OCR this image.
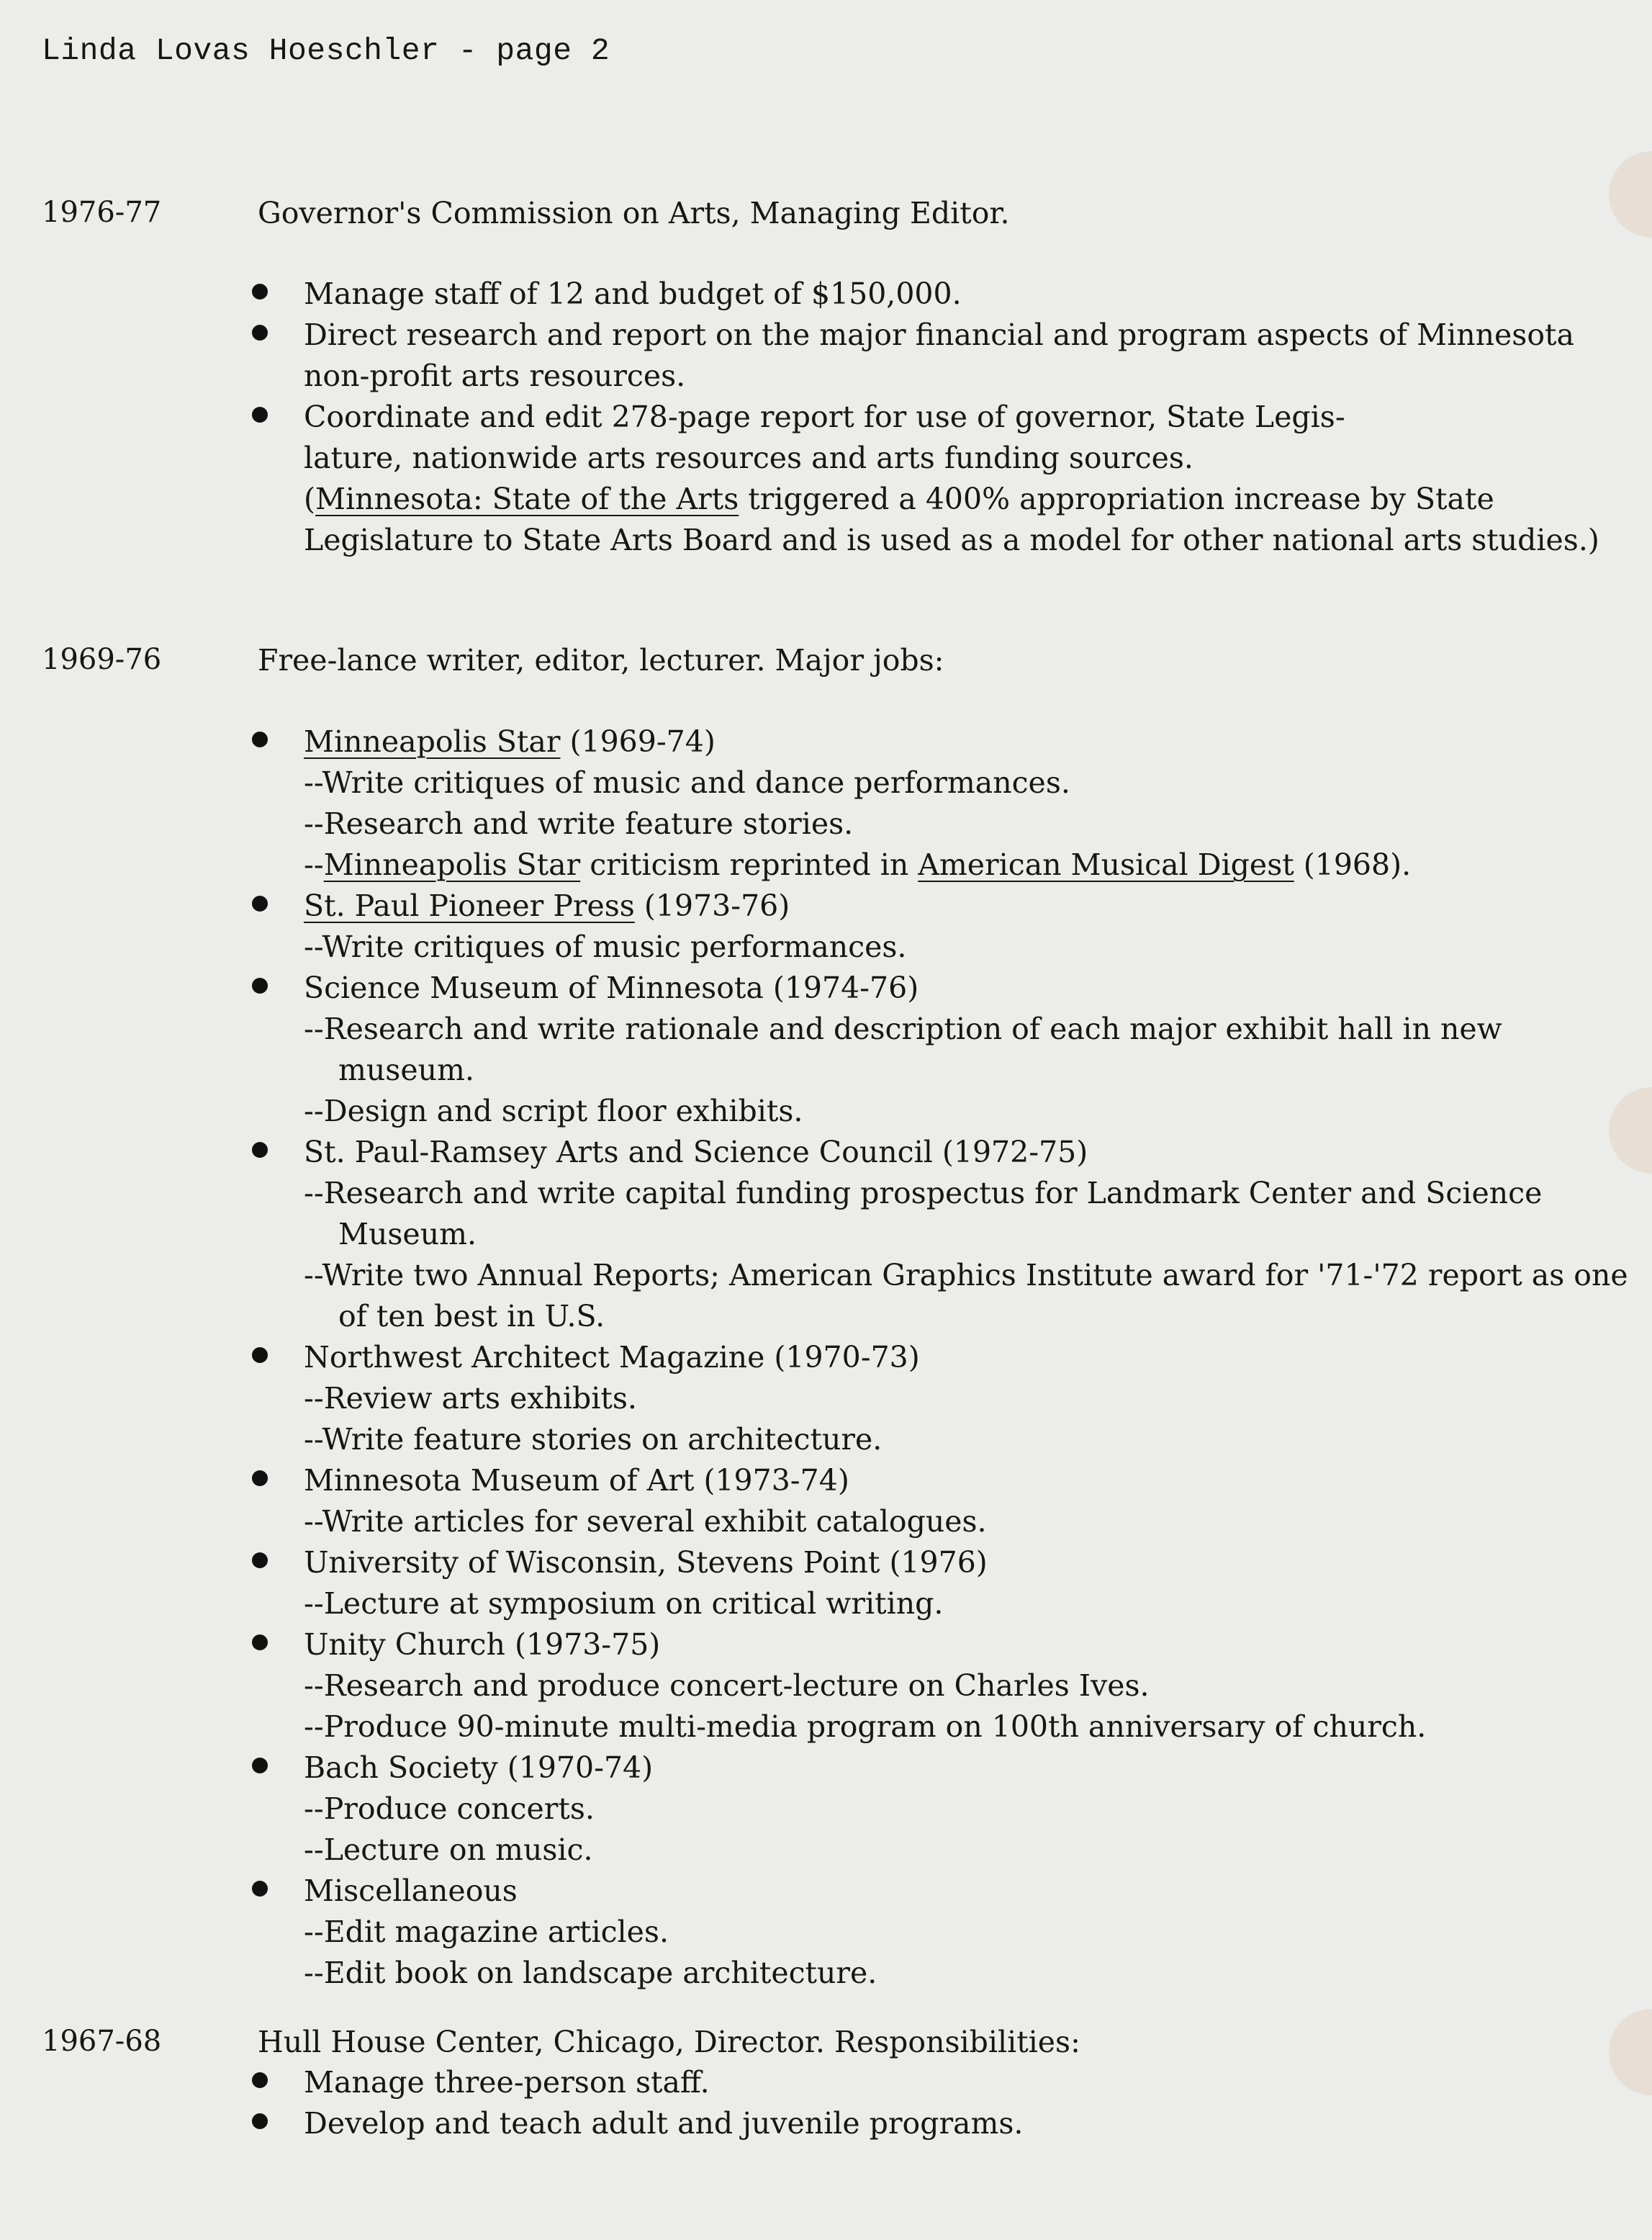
Linda Lovas Hoeschler - page 2
1976-77	Governor's Commission on Arts, Managing Editor.
Manage staff of 12 and budget of $150,000.
Direct research and report on the major financial and program aspects of Minnesota non-profit arts resources.
Coordinate and edit 278-page report for use of governor, State Legis-
lature, nationwide arts resources and arts funding sources.
(Minnesota: State of the Arts triggered a 400% appropriation increase by State Legislature to State Arts Board and is used as a model for other national arts studies.)
1969-76	Free-lance writer, editor, lecturer. Major jobs:
Minneapolis Star (1969-74)
--Write critiques of music and dance performances.
--Research and write feature stories.
--Minneapolis Star criticism reprinted in American Musical Digest (1968).
St. Paul Pioneer Press (1973-76)
--Write critiques of music performances.
Science Museum of Minnesota (1974-76)
--Research and write rationale and description of each major exhibit hall in new museum.
--Design and script floor exhibits.
St. Paul-Ramsey Arts and Science Council (1972-75)
--Research and write capital funding prospectus for Landmark Center and Science Museum.
--Write two Annual Reports; American Graphics Institute award for '71-'72 report as one of ten best in U.S.
Northwest Architect Magazine (1970-73)
--Review arts exhibits.
--Write feature stories on architecture.
Minnesota Museum of Art (1973-74)
--Write articles for several exhibit catalogues.
University of Wisconsin, Stevens Point (1976)
--Lecture at symposium on critical writing.
Unity Church (1973-75)
--Research and produce concert-lecture on Charles Ives.
--Produce 90-minute multi-media program on 100th anniversary of church.
Bach Society (1970-74)
--Produce concerts.
--Lecture on music.
Miscellaneous
--Edit magazine articles.
--Edit book on landscape architecture.
1967-68	Hull House Center, Chicago, Director. Responsibilities:
Manage three-person staff.
Develop and teach adult and juvenile programs.
